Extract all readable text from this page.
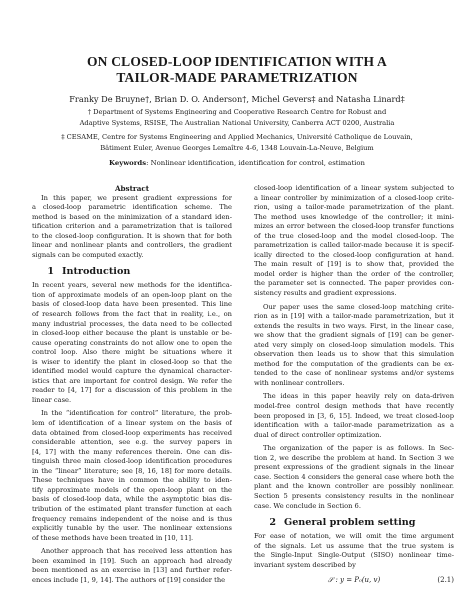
ON CLOSED-LOOP IDENTIFICATION WITH A
TAILOR-MADE PARAMETRIZATION
Franky De Bruyne†, Brian D. O. Anderson†, Michel Gevers‡ and Natasha Linard‡
† Department of Systems Engineering and Cooperative Research Centre for Robust and
Adaptive Systems, RSISE, The Australian National University, Canberra ACT 0200, Australia
‡ CESAME, Centre for Systems Engineering and Applied Mechanics, Université Catholique de Louvain,
Bâtiment Euler, Avenue Georges Lemaître 4-6, 1348 Louvain-La-Neuve, Belgium
Keywords: Nonlinear identification, identification for control, estimation
Abstract
In this paper, we present gradient expressions for
a closed-loop parametric identification scheme. The
method is based on the minimization of a standard iden-
tification criterion and a parametrization that is tailored
to the closed-loop configuration. It is shown that for both
linear and nonlinear plants and controllers, the gradient
signals can be computed exactly.
1 Introduction
In recent years, several new methods for the identifica-
tion of approximate models of an open-loop plant on the
basis of closed-loop data have been presented. This line
of research follows from the fact that in reality, i.e., on
many industrial processes, the data need to be collected
in closed-loop either because the plant is unstable or be-
cause operating constraints do not allow one to open the
control loop. Also there might be situations where it
is wiser to identify the plant in closed-loop so that the
identified model would capture the dynamical character-
istics that are important for control design. We refer the
reader to [4, 17] for a discussion of this problem in the
linear case.
In the “identification for control” literature, the prob-
lem of identification of a linear system on the basis of
data obtained from closed-loop experiments has received
considerable attention, see e.g. the survey papers in
[4, 17] with the many references therein. One can dis-
tinguish three main closed-loop identification procedures
in the “linear” literature; see [8, 16, 18] for more details.
These techniques have in common the ability to iden-
tify approximate models of the open-loop plant on the
basis of closed-loop data, while the asymptotic bias dis-
tribution of the estimated plant transfer function at each
frequency remains independent of the noise and is thus
explicitly tunable by the user. The nonlinear extensions
of these methods have been treated in [10, 11].
Another approach that has received less attention has
been examined in [19]. Such an approach had already
been mentioned as an exercise in [13] and further refer-
ences include [1, 9, 14]. The authors of [19] consider the
closed-loop identification of a linear system subjected to
a linear controller by minimization of a closed-loop crite-
rion, using a tailor-made parametrization of the plant.
The method uses knowledge of the controller; it mini-
mizes an error between the closed-loop transfer functions
of the true closed-loop and the model closed-loop. The
parametrization is called tailor-made because it is specif-
ically directed to the closed-loop configuration at hand.
The main result of [19] is to show that, provided the
model order is higher than the order of the controller,
the parameter set is connected. The paper provides con-
sistency results and gradient expressions.
Our paper uses the same closed-loop matching crite-
rion as in [19] with a tailor-made parametrization, but it
extends the results in two ways. First, in the linear case,
we show that the gradient signals of [19] can be gener-
ated very simply on closed-loop simulation models. This
observation then leads us to show that this simulation
method for the computation of the gradients can be ex-
tended to the case of nonlinear systems and/or systems
with nonlinear controllers.
The ideas in this paper heavily rely on data-driven
model-free control design methods that have recently
been proposed in [3, 6, 15]. Indeed, we treat closed-loop
identification with a tailor-made parametrization as a
dual of direct controller optimization.
The organization of the paper is as follows. In Sec-
tion 2, we describe the problem at hand. In Section 3 we
present expressions of the gradient signals in the linear
case. Section 4 considers the general case where both the
plant and the known controller are possibly nonlinear.
Section 5 presents consistency results in the nonlinear
case. We conclude in Section 6.
2 General problem setting
For ease of notation, we will omit the time argument
of the signals. Let us assume that the true system is
the Single-Input Single-Output (SISO) nonlinear time-
invariant system described by
𝒮 : y = P₀(u, v)	(2.1)
